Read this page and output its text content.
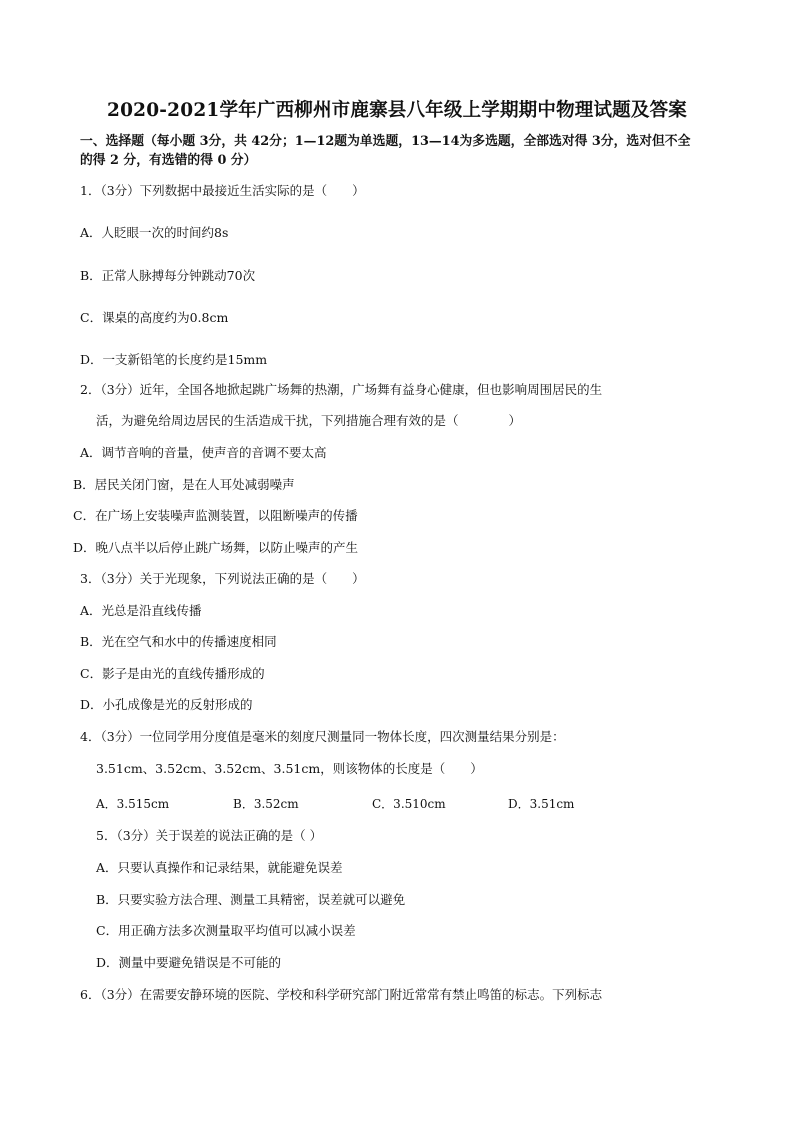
2020-2021学年广西柳州市鹿寨县八年级上学期期中物理试题及答案
一、选择题（每小题 3分，共 42分；1—12题为单选题，13—14为多选题，全部选对得 3分，选对但不全
的得 2 分，有选错的得 0 分）
1．（3分）下列数据中最接近生活实际的是（　　）
A．人眨眼一次的时间约8s
B．正常人脉搏每分钟跳动70次
C．课桌的高度约为0.8cm
D．一支新铅笔的长度约是15mm
2．（3分）近年，全国各地掀起跳广场舞的热潮，广场舞有益身心健康，但也影响周围居民的生
活，为避免给周边居民的生活造成干扰，下列措施合理有效的是（　　　　）
A．调节音响的音量，使声音的音调不要太高
B．居民关闭门窗，是在人耳处减弱噪声
C．在广场上安装噪声监测装置，以阻断噪声的传播
D．晚八点半以后停止跳广场舞，以防止噪声的产生
3．（3分）关于光现象，下列说法正确的是（　　）
A．光总是沿直线传播
B．光在空气和水中的传播速度相同
C．影子是由光的直线传播形成的
D．小孔成像是光的反射形成的
4．（3分）一位同学用分度值是毫米的刻度尺测量同一物体长度，四次测量结果分别是：
3.51cm、3.52cm、3.52cm、3.51cm，则该物体的长度是（　　）
A．3.515cm	B．3.52cm	C．3.510cm	D．3.51cm
5．（3分）关于误差的说法正确的是（ ）
A．只要认真操作和记录结果，就能避免误差
B．只要实验方法合理、测量工具精密，误差就可以避免
C．用正确方法多次测量取平均值可以减小误差
D．测量中要避免错误是不可能的
6．（3分）在需要安静环境的医院、学校和科学研究部门附近常常有禁止鸣笛的标志。下列标志
